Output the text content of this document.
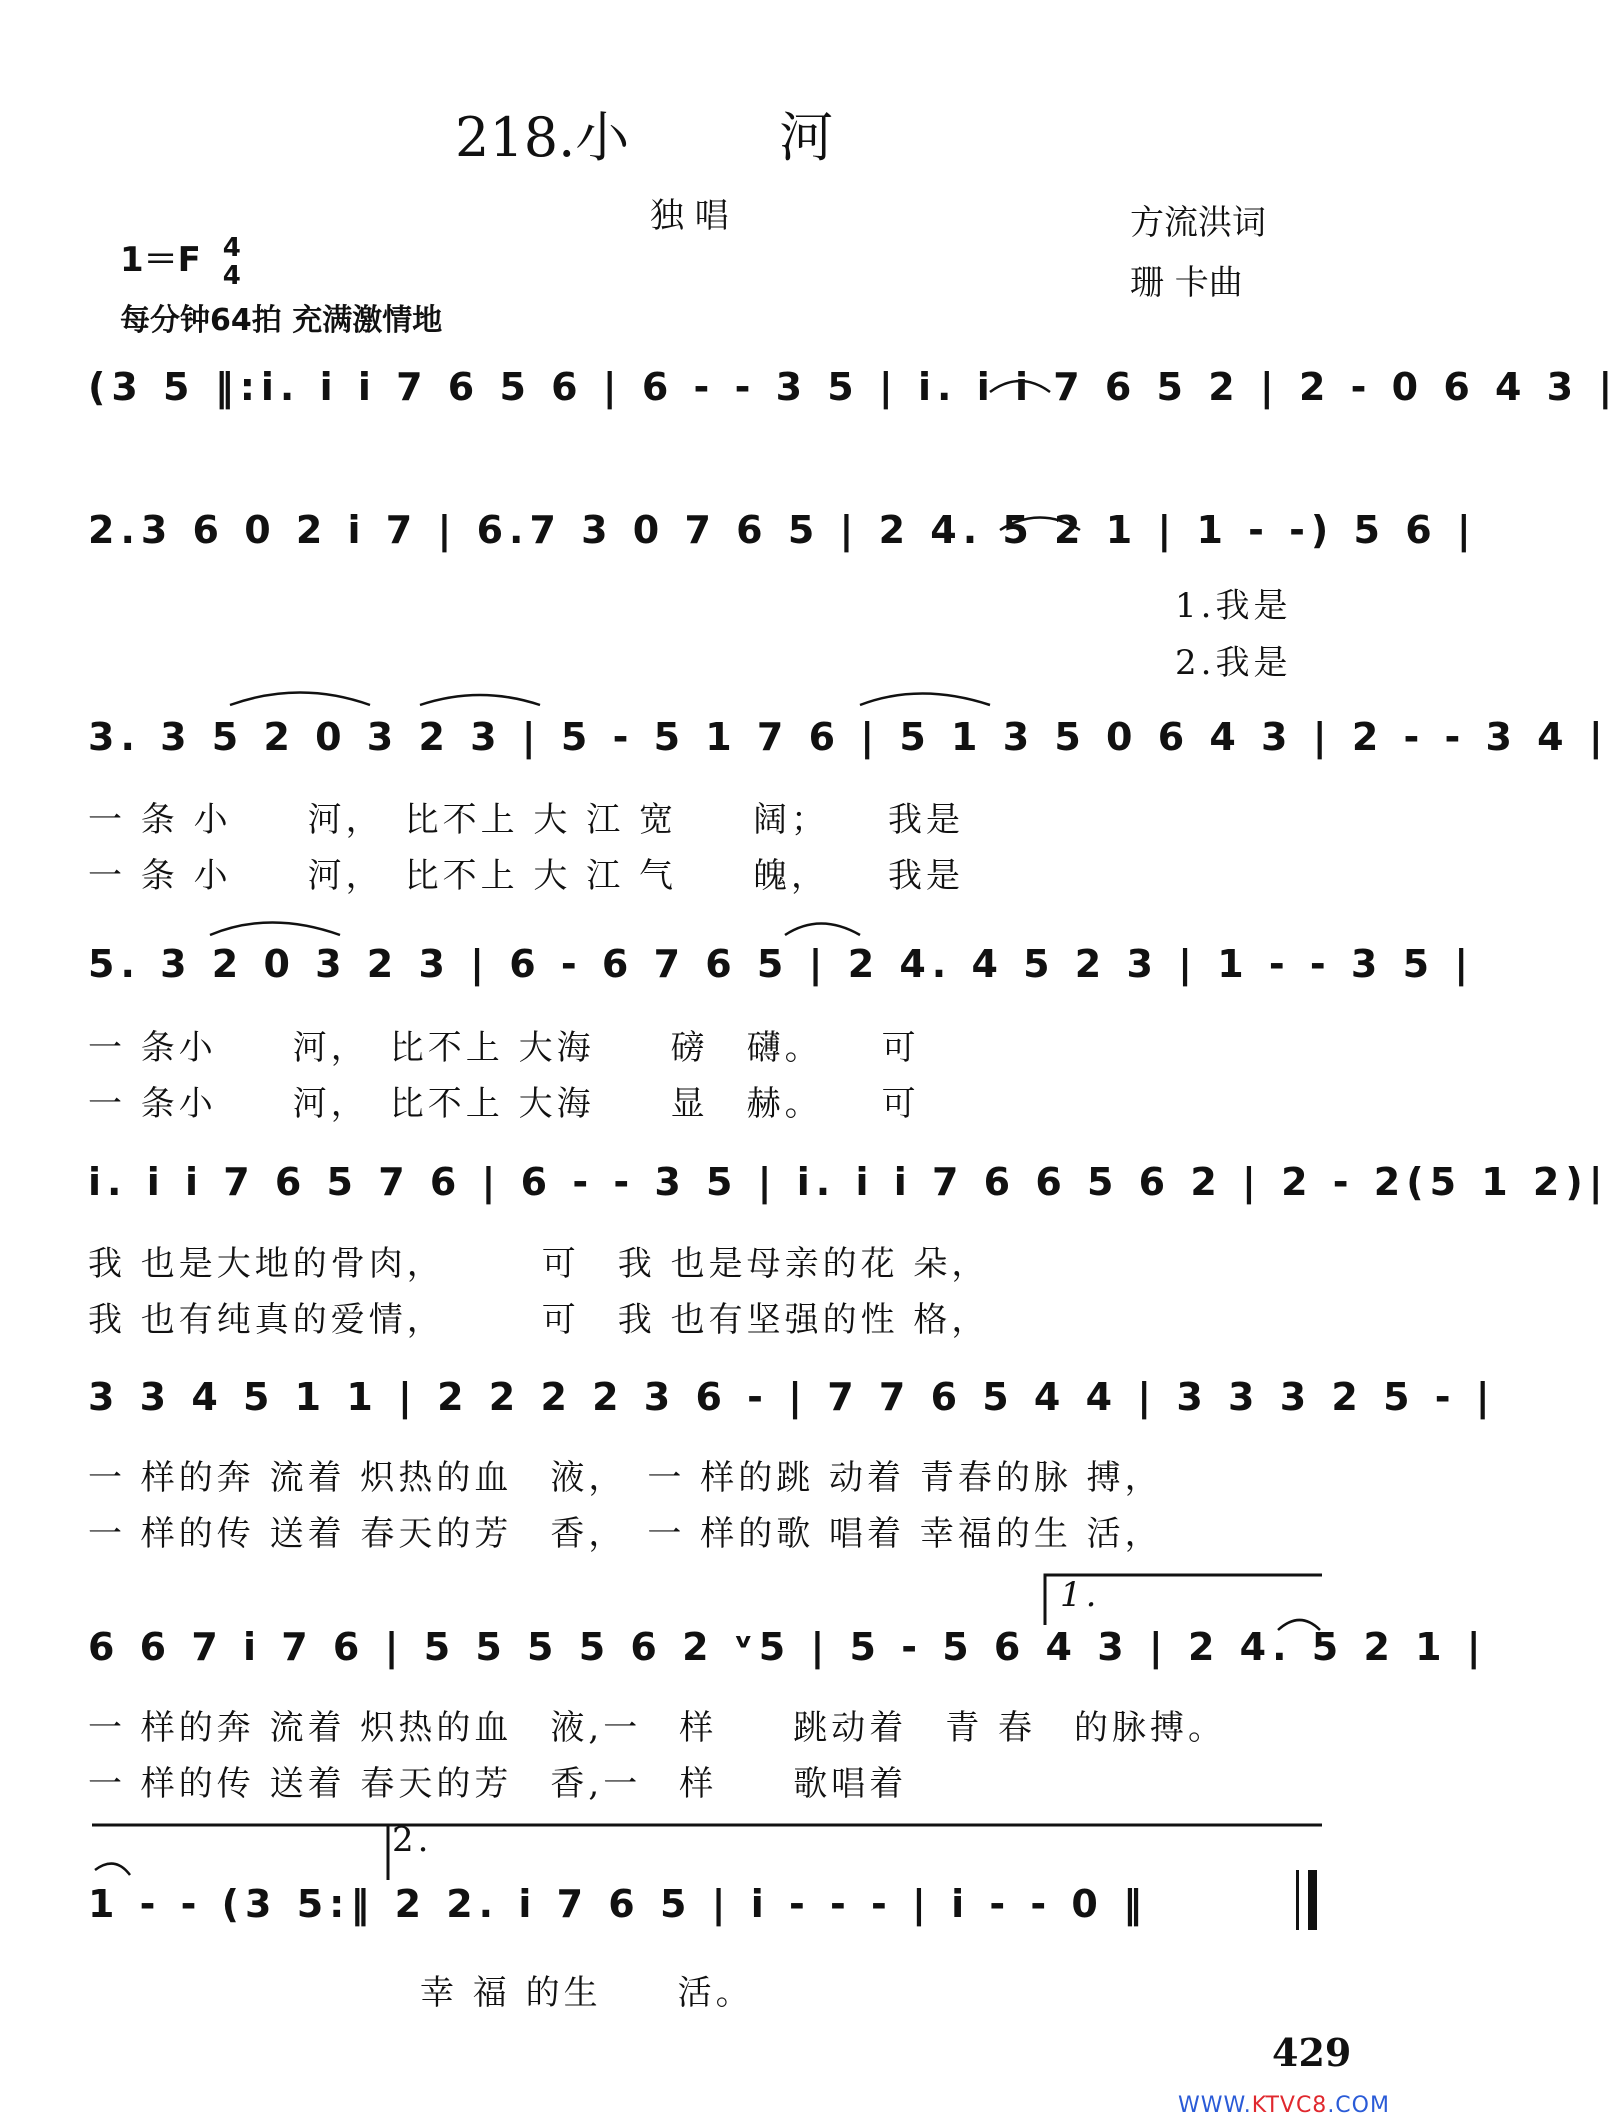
218.小	河
独 唱	方流洪词
珊 卡曲
1＝F 4
4
每分钟64拍 充满激情地
(3 5 ‖:i. i i 7 6 5 6 | 6 - - 3 5 | i. i i 7 6 5 2 | 2 - 0 6 4 3 |
2.3 6 0 2 i 7 | 6.7 3 0 7 6 5 | 2 4. 5 2 1 | 1 - -) 5 6 |
1.我是
2.我是
3. 3 5 2 0 3 2 3 | 5 - 5 1 7 6 | 5 1 3 5 0 6 4 3 | 2 - - 3 4 |
一 条 小　　河，　比不上 大 江 宽　　阔；　　我是
一 条 小　　河，　比不上 大 江 气　　魄，　　我是
5. 3 2 0 3 2 3 | 6 - 6 7 6 5 | 2 4. 4 5 2 3 | 1 - - 3 5 |
一 条小　　河，　比不上 大海　　磅　礴。　　可
一 条小　　河，　比不上 大海　　显　赫。　　可
i. i i 7 6 5 7 6 | 6 - - 3 5 | i. i i 7 6 6 5 6 2 | 2 - 2(5 1 2)|
我 也是大地的骨肉，　　　可　我 也是母亲的花 朵，
我 也有纯真的爱情，　　　可　我 也有坚强的性 格，
3 3 4 5 1 1 | 2 2 2 2 3 6 - | 7 7 6 5 4 4 | 3 3 3 2 5 - |
一 样的奔 流着 炽热的血　液，　一 样的跳 动着 青春的脉 搏，
一 样的传 送着 春天的芳　香，　一 样的歌 唱着 幸福的生 活，
1.
6 6 7 i 7 6 | 5 5 5 5 6 2 ᵛ5 | 5 - 5 6 4 3 | 2 4. 5 2 1 |
一 样的奔 流着 炽热的血　液,一　样　　跳动着　青 春　的脉搏。
一 样的传 送着 春天的芳　香,一　样　　歌唱着
2.
1 - - (3 5:‖ 2 2. i 7 6 5 | i - - - | i - - 0 ‖
幸 福 的生　　活。
429
WWW.KTVC8.COM
